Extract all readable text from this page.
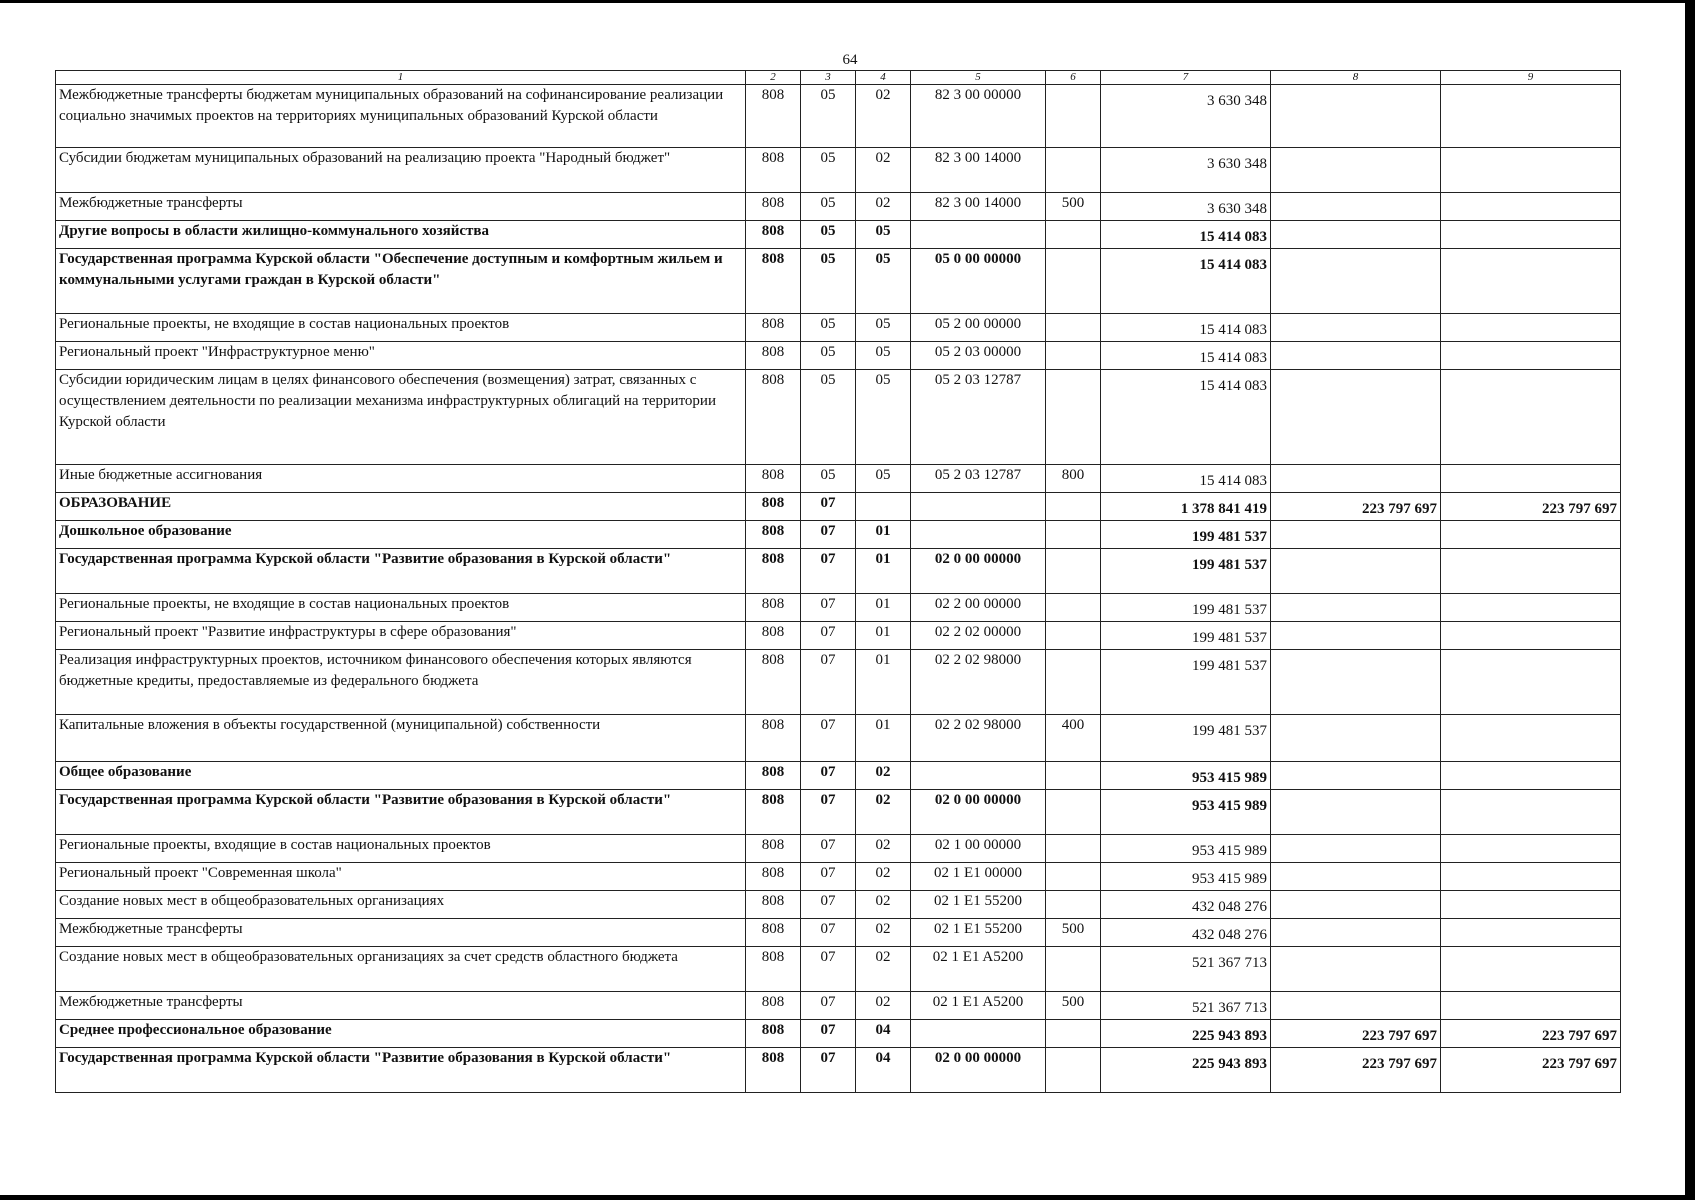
64
1	2	3	4	5	6	7	8	9
Межбюджетные трансферты бюджетам муниципальных образований на софинансирование реализации социально значимых проектов на территориях муниципальных образований Курской области	808	05	02	82 3 00 00000		3 630 348		
Субсидии бюджетам муниципальных образований на реализацию проекта "Народный бюджет"	808	05	02	82 3 00 14000		3 630 348		
Межбюджетные трансферты	808	05	02	82 3 00 14000	500	3 630 348		
Другие вопросы в области жилищно-коммунального хозяйства	808	05	05			15 414 083		
Государственная программа Курской области "Обеспечение доступным и комфортным жильем и коммунальными услугами граждан в Курской области"	808	05	05	05 0 00 00000		15 414 083		
Региональные проекты, не входящие в состав национальных проектов	808	05	05	05 2 00 00000		15 414 083		
Региональный проект "Инфраструктурное меню"	808	05	05	05 2 03 00000		15 414 083		
Субсидии юридическим лицам в целях финансового обеспечения (возмещения) затрат, связанных с осуществлением деятельности по реализации механизма инфраструктурных облигаций на территории Курской области	808	05	05	05 2 03 12787		15 414 083		
Иные бюджетные ассигнования	808	05	05	05 2 03 12787	800	15 414 083		
ОБРАЗОВАНИЕ	808	07				1 378 841 419	223 797 697	223 797 697
Дошкольное образование	808	07	01			199 481 537		
Государственная программа Курской области "Развитие образования в Курской области"	808	07	01	02 0 00 00000		199 481 537		
Региональные проекты, не входящие в состав национальных проектов	808	07	01	02 2 00 00000		199 481 537		
Региональный проект "Развитие инфраструктуры в сфере образования"	808	07	01	02 2 02 00000		199 481 537		
Реализация инфраструктурных проектов, источником финансового обеспечения которых являются бюджетные кредиты, предоставляемые из федерального бюджета	808	07	01	02 2 02 98000		199 481 537		
Капитальные вложения в объекты государственной (муниципальной) собственности	808	07	01	02 2 02 98000	400	199 481 537		
Общее образование	808	07	02			953 415 989		
Государственная программа Курской области "Развитие образования в Курской области"	808	07	02	02 0 00 00000		953 415 989		
Региональные проекты, входящие в состав национальных проектов	808	07	02	02 1 00 00000		953 415 989		
Региональный проект "Современная школа"	808	07	02	02 1 E1 00000		953 415 989		
Создание новых мест в общеобразовательных организациях	808	07	02	02 1 E1 55200		432 048 276		
Межбюджетные трансферты	808	07	02	02 1 E1 55200	500	432 048 276		
Создание новых мест в общеобразовательных организациях за счет средств областного бюджета	808	07	02	02 1 E1 A5200		521 367 713		
Межбюджетные трансферты	808	07	02	02 1 E1 A5200	500	521 367 713		
Среднее профессиональное образование	808	07	04			225 943 893	223 797 697	223 797 697
Государственная программа Курской области "Развитие образования в Курской области"	808	07	04	02 0 00 00000		225 943 893	223 797 697	223 797 697
